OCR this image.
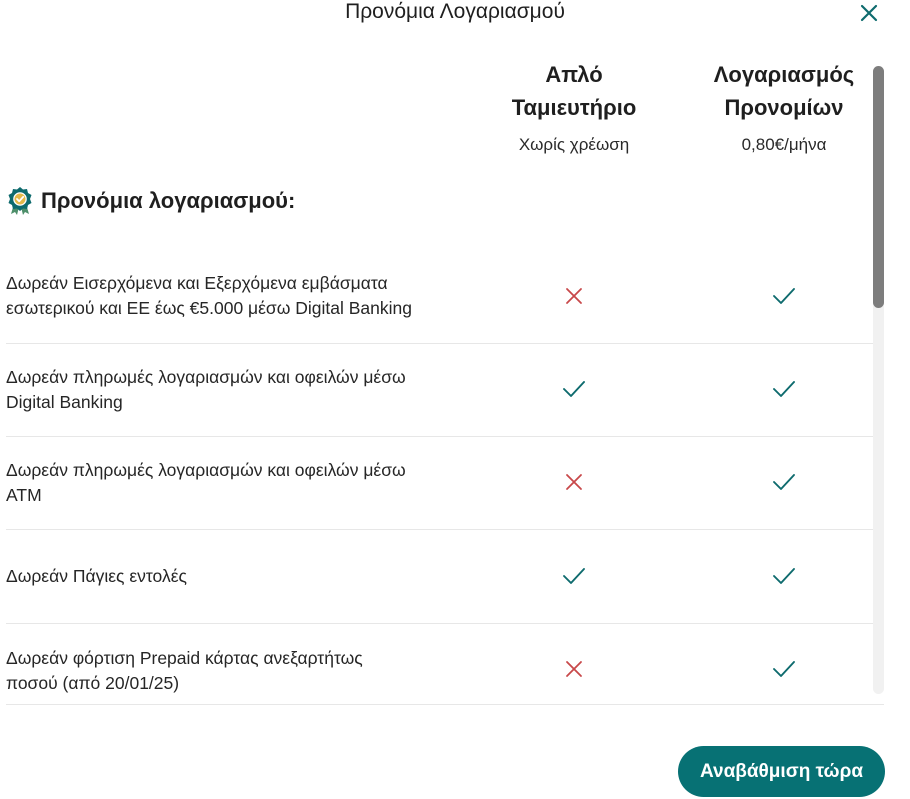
Προνόμια Λογαριασμού
Απλό
Ταμιευτήριο
Χωρίς χρέωση
Λογαριασμός
Προνομίων
0,80€/μήνα
Προνόμια λογαριασμού:
Δωρεάν Εισερχόμενα και Εξερχόμενα εμβάσματα
εσωτερικού και ΕΕ έως €5.000 μέσω Digital Banking
Δωρεάν πληρωμές λογαριασμών και οφειλών μέσω
Digital Banking
Δωρεάν πληρωμές λογαριασμών και οφειλών μέσω
ATM
Δωρεάν Πάγιες εντολές
Δωρεάν φόρτιση Prepaid κάρτας ανεξαρτήτως
ποσού (από 20/01/25)
Αναβάθμιση τώρα
